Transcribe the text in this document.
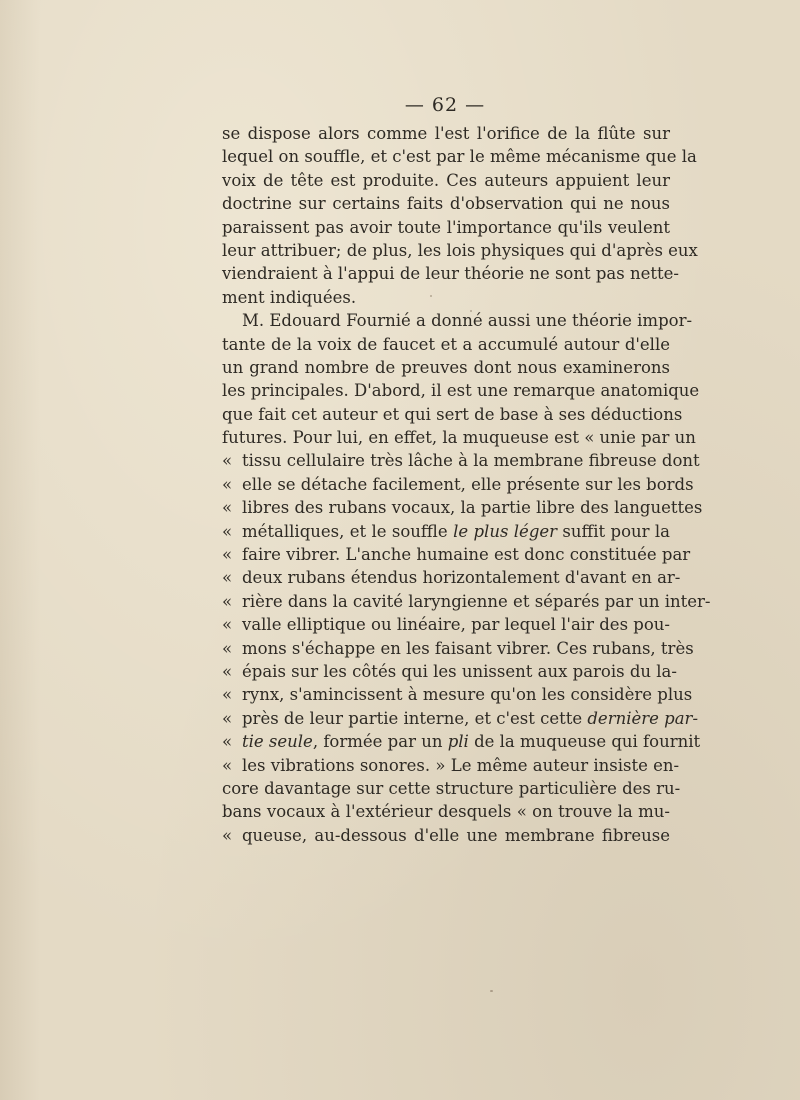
— 62 —
se dispose alors comme l'est l'orifice de la flûte sur
lequel on souffle, et c'est par le même mécanisme que la
voix de tête est produite. Ces auteurs appuient leur
doctrine sur certains faits d'observation qui ne nous
paraissent pas avoir toute l'importance qu'ils veulent
leur attribuer; de plus, les lois physiques qui d'après eux
viendraient à l'appui de leur théorie ne sont pas nette-
ment indiquées.
M. Edouard Fournié a donné aussi une théorie impor-
tante de la voix de faucet et a accumulé autour d'elle
un grand nombre de preuves dont nous examinerons
les principales. D'abord, il est une remarque anatomique
que fait cet auteur et qui sert de base à ses déductions
futures. Pour lui, en effet, la muqueuse est « unie par un
« tissu cellulaire très lâche à la membrane fibreuse dont
« elle se détache facilement, elle présente sur les bords
« libres des rubans vocaux, la partie libre des languettes
« métalliques, et le souffle le plus léger suffit pour la
« faire vibrer. L'anche humaine est donc constituée par
« deux rubans étendus horizontalement d'avant en ar-
« rière dans la cavité laryngienne et séparés par un inter-
« valle elliptique ou linéaire, par lequel l'air des pou-
« mons s'échappe en les faisant vibrer. Ces rubans, très
« épais sur les côtés qui les unissent aux parois du la-
« rynx, s'amincissent à mesure qu'on les considère plus
« près de leur partie interne, et c'est cette dernière par-
« tie seule, formée par un pli de la muqueuse qui fournit
« les vibrations sonores. » Le même auteur insiste en-
core davantage sur cette structure particulière des ru-
bans vocaux à l'extérieur desquels « on trouve la mu-
« queuse, au-dessous d'elle une membrane fibreuse
